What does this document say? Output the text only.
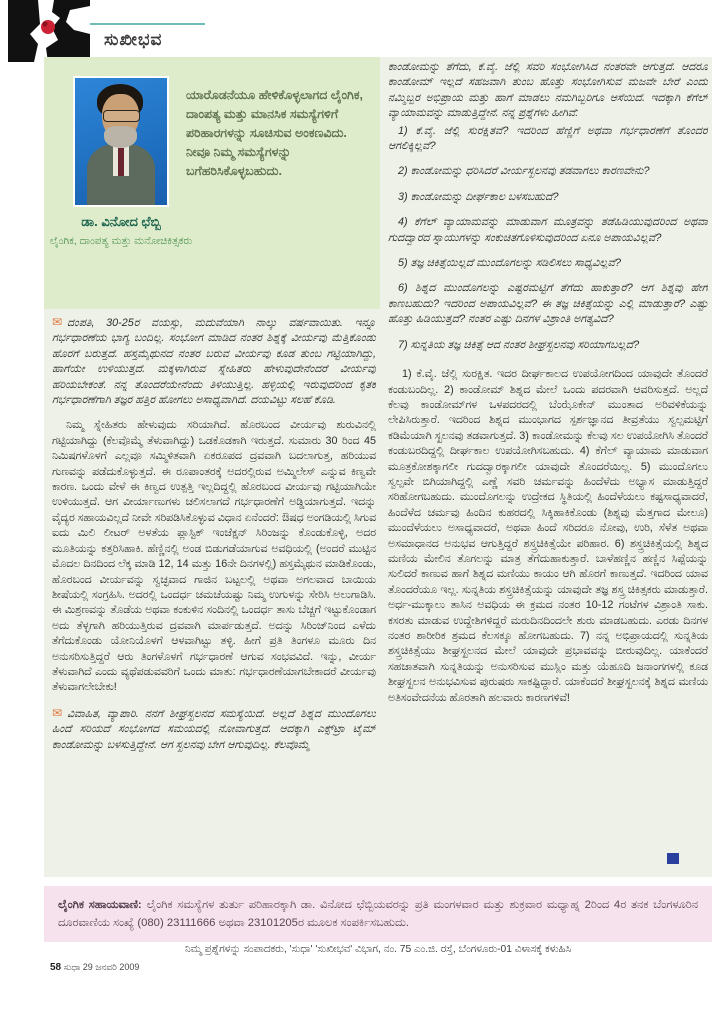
ಸುಖೀಭವ
ಡಾ. ವಿನೋದ ಛೆಬ್ಬಿ
ಲೈಂಗಿಕ, ದಾಂಪತ್ಯ ಮತ್ತು ಮನೋಚಿಕಿತ್ಸಕರು
ಯಾರೊಡನೆಯೂ ಹೇಳಿಕೊಳ್ಳಲಾಗದ ಲೈಂಗಿಕ, ದಾಂಪತ್ಯ ಮತ್ತು ಮಾನಸಿಕ ಸಮಸ್ಯೆಗಳಿಗೆ ಪರಿಹಾರಗಳನ್ನು ಸೂಚಿಸುವ ಅಂಕಣವಿದು. ನೀವೂ ನಿಮ್ಮ ಸಮಸ್ಯೆಗಳನ್ನು ಬಗೆಹರಿಸಿಕೊಳ್ಳಬಹುದು.

✉ ದಂಪತಿ, 30-25ರ ವಯಸ್ಸು, ಮದುವೆಯಾಗಿ ನಾಲ್ಕು ವರ್ಷವಾಯಿತು. ಇನ್ನೂ ಗರ್ಭಧಾರಣೆಯ ಭಾಗ್ಯ ಬಂದಿಲ್ಲ. ಸಂಭೋಗ ಮಾಡಿದ ನಂತರ ಶಿಶ್ನಕ್ಕೆ ವೀರ್ಯವು ಮೆತ್ತಿಕೊಂಡು ಹೊರಗೆ ಬರುತ್ತದೆ. ಹಸ್ತಮೈಥುನದ ನಂತರ ಬರುವ ವೀರ್ಯವು ಕೂಡ ತುಂಬ ಗಟ್ಟಿಯಾಗಿದ್ದು, ಹಾಗೆಯೇ ಉಳಿಯುತ್ತದೆ. ಮಕ್ಕಳಾಗಿರುವ ಸ್ನೇಹಿತರು ಹೇಳುವುದೇನೆಂದರೆ ವೀರ್ಯವು ಹರಿಯಬೇಕಂತೆ. ನನ್ನ ತೊಂದರೆಯೇನೆಂದು ತಿಳಿಯುತ್ತಿಲ್ಲ. ಹಳ್ಳಿಯಲ್ಲಿ ಇರುವುದರಿಂದ ಕೃತಕ ಗರ್ಭಧಾರಣೆಗಾಗಿ ತಜ್ಞರ ಹತ್ತಿರ ಹೋಗಲು ಅಸಾಧ್ಯವಾಗಿದೆ. ದಯವಿಟ್ಟು ಸಲಹೆ ಕೊಡಿ.

ನಿಮ್ಮ ಸ್ನೇಹಿತರು ಹೇಳುವುದು ಸರಿಯಾಗಿದೆ. ಹೊರಬಂದ ವೀರ್ಯವು ಶುರುವಿನಲ್ಲಿ ಗಟ್ಟಿಯಾಗಿದ್ದು (ಕೆಲವೊಮ್ಮೆ ತೆಳುವಾಗಿದ್ದು) ಒಡಕೊಡಕಾಗಿ ಇರುತ್ತದೆ. ಸುಮಾರು 30 ರಿಂದ 45 ನಿಮಿಷಗಳೊಳಗೆ ಎಲ್ಲವೂ ಸಮ್ಮಿಳಿತವಾಗಿ ಏಕರೂಪದ ದ್ರವವಾಗಿ ಬದಲಾಗುತ್ತ, ಹರಿಯುವ ಗುಣವನ್ನು ಪಡೆದುಕೊಳ್ಳುತ್ತದೆ. ಈ ರೂಪಾಂತರಕ್ಕೆ ಅದರಲ್ಲಿರುವ ಅಮ್ಮಿಲೇಸ್ ಎನ್ನುವ ಕಿಣ್ವವೇ ಕಾರಣ. ಒಂದು ವೇಳೆ ಈ ಕಿಣ್ವದ ಉತ್ಪತ್ತಿ ಇಲ್ಲದಿದ್ದಲ್ಲಿ ಹೊರಬಂದ ವೀರ್ಯವು ಗಟ್ಟಿಯಾಗಿಯೇ ಉಳಿಯುತ್ತದೆ. ಆಗ ವೀರ್ಯಾಣುಗಳು ಚಲಿಸಲಾಗದೆ ಗರ್ಭಧಾರಣೆಗೆ ಅಡ್ಡಿಯಾಗುತ್ತದೆ. ಇದನ್ನು ವೈದ್ಯರ ಸಹಾಯವಿಲ್ಲದೆ ನೀವೇ ಸರಿಪಡಿಸಿಕೊಳ್ಳುವ ವಿಧಾನ ಏನೆಂದರೆ: ಔಷಧ ಅಂಗಡಿಯಲ್ಲಿ ಸಿಗುವ ಐದು ಮಿಲಿ ಲೀಟರ್ ಅಳತೆಯ ಪ್ಲಾಸ್ಟಿಕ್ ಇಂಜೆಕ್ಷನ್ ಸಿರಿಂಜನ್ನು ಕೊಂಡುಕೊಳ್ಳಿ, ಅದರ ಮೂತಿಯನ್ನು ಕತ್ತರಿಸಿಹಾಕಿ. ಹೆಣ್ಣಿನಲ್ಲಿ ಅಂಡ ಬಿಡುಗಡೆಯಾಗುವ ಅವಧಿಯಲ್ಲಿ (ಅಂದರೆ ಮುಟ್ಟಿನ ಮೊದಲ ದಿನದಿಂದ ಲೆಕ್ಕ ಮಾಡಿ 12, 14 ಮತ್ತು 16ನೇ ದಿನಗಳಲ್ಲಿ) ಹಸ್ತಮೈಥುನ ಮಾಡಿಕೊಂಡು, ಹೊರಬಂದ ವೀರ್ಯವನ್ನು ಸ್ವಚ್ಛವಾದ ಗಾಜಿನ ಬಟ್ಟಲಲ್ಲಿ ಅಥವಾ ಅಗಲವಾದ ಬಾಯಿಯ ಶೀಷೆಯಲ್ಲಿ ಸಂಗ್ರಹಿಸಿ. ಅದರಲ್ಲಿ ಒಂದರ್ಧ ಚಮಚೆಯಷ್ಟು ನಿಮ್ಮ ಉಗುಳನ್ನು ಸೇರಿಸಿ ಅಲುಗಾಡಿಸಿ. ಈ ಮಿಶ್ರಣವನ್ನು ತೊಡೆಯ ಅಥವಾ ಕಂಕುಳಿನ ಸಂದಿನಲ್ಲಿ ಒಂದರ್ಧ ತಾಸು ಬೆಚ್ಚಗೆ ಇಟ್ಟುಕೊಂಡಾಗ ಅದು ತೆಳ್ಳಗಾಗಿ ಹರಿಯುತ್ತಿರುವ ದ್ರವವಾಗಿ ಮಾರ್ಪಡುತ್ತದೆ. ಅದನ್ನು ಸಿರಿಂಜ್‌ನಿಂದ ಎಳೆದು ತೆಗೆದುಕೊಂಡು ಯೋನಿಯೊಳಗೆ ಆಳವಾಗಿಟ್ಟು ತಳ್ಳಿ. ಹೀಗೆ ಪ್ರತಿ ತಿಂಗಳೂ ಮೂರು ದಿನ ಅನುಸರಿಸುತ್ತಿದ್ದರೆ ಆರು ತಿಂಗಳೊಳಗೆ ಗರ್ಭಧಾರಣೆ ಆಗುವ ಸಂಭವವಿದೆ. ಇನ್ನು, ವೀರ್ಯ ತೆಳುವಾಗಿದೆ ಎಂದು ವ್ಯಥೆಪಡುವವರಿಗೆ ಒಂದು ಮಾತು: ಗರ್ಭಧಾರಣೆಯಾಗಬೇಕಾದರೆ ವೀರ್ಯವು ತೆಳುವಾಗಲೇಬೇಕು!

✉ ವಿವಾಹಿತ, ವ್ಯಾಪಾರಿ. ನನಗೆ ಶೀಘ್ರಸ್ಖಲನದ ಸಮಸ್ಯೆಯಿದೆ. ಅಲ್ಲದೆ ಶಿಶ್ನದ ಮುಂದೊಗಲು ಹಿಂದೆ ಸರಿಯದೆ ಸಂಭೋಗದ ಸಮಯದಲ್ಲಿ ನೋವಾಗುತ್ತದೆ. ಆದಕ್ಕಾಗಿ ಎಕ್ಸ್‌ಟ್ರಾ ಟೈಮ್ ಕಾಂಡೋಮನ್ನು ಬಳಸುತ್ತಿದ್ದೇನೆ. ಆಗ ಸ್ಖಲನವು ಬೇಗ ಆಗುವುದಿಲ್ಲ. ಕೆಲವೊಮ್ಮೆ

ಕಾಂಡೋಮನ್ನು ತೆಗೆದು, ಕೆ.ವೈ. ಜೆಲ್ಲಿ ಸವರಿ ಸಂಭೋಗಿಸಿದ ನಂತರವೇ ಆಗುತ್ತದೆ. ಆದರೂ ಕಾಂಡೋಮ್ ಇಲ್ಲದೆ ಸಹಜವಾಗಿ ತುಂಬ ಹೊತ್ತು ಸಂಭೋಗಿಸುವ ಮಜವೇ ಬೇರೆ ಎಂದು ನಮ್ಮಿಬ್ಬರ ಅಭಿಪ್ರಾಯ ಮತ್ತು ಹಾಗೆ ಮಾಡಲು ನಮಗಿಬ್ಬರಿಗೂ ಆಸೆಯಿದೆ. ಇದಕ್ಕಾಗಿ ಕೆಗೆಲ್ ವ್ಯಾಯಾಮವನ್ನು ಮಾಡುತ್ತಿದ್ದೇನೆ. ನನ್ನ ಪ್ರಶ್ನೆಗಳು ಹೀಗಿವೆ:

1) ಕೆ.ವೈ. ಜೆಲ್ಲಿ ಸುರಕ್ಷಿತವೆ? ಇದರಿಂದ ಹೆಣ್ಣಿಗೆ ಅಥವಾ ಗರ್ಭಧಾರಣೆಗೆ ತೊಂದರೆ ಆಗಲಿಕ್ಕಿಲ್ಲವೆ?

2) ಕಾಂಡೋಮನ್ನು ಧರಿಸಿದರೆ ವೀರ್ಯಸ್ಖಲನವು ತಡವಾಗಲು ಕಾರಣವೇನು?

3) ಕಾಂಡೋಮನ್ನು ದೀರ್ಘಕಾಲ ಬಳಸಬಹುದೆ?

4) ಕೆಗೆಲ್ ವ್ಯಾಯಾಮವನ್ನು ಮಾಡುವಾಗ ಮೂತ್ರವನ್ನು ತಡೆಹಿಡಿಯುವುದರಿಂದ ಅಥವಾ ಗುದದ್ವಾರದ ಸ್ನಾಯುಗಳನ್ನು ಸಂಕುಚಿತಗೊಳಿಸುವುದರಿಂದ ಏನೂ ಅಪಾಯವಿಲ್ಲವೆ?

5) ತಜ್ಞ ಚಿಕಿತ್ಸೆಯಿಲ್ಲದೆ ಮುಂದೊಗಲನ್ನು ಸಡಿಲಿಸಲು ಸಾಧ್ಯವಿಲ್ಲವೆ?

6) ಶಿಶ್ನದ ಮುಂದೊಗಲನ್ನು ಎಷ್ಟರಮಟ್ಟಿಗೆ ತೆಗೆದು ಹಾಕುತ್ತಾರೆ? ಆಗ ಶಿಶ್ನವು ಹೇಗೆ ಕಾಣಬಹುದು? ಇದರಿಂದ ಅಪಾಯವಿಲ್ಲವೆ? ಈ ತಜ್ಞ ಚಿಕಿತ್ಸೆಯನ್ನು ಎಲ್ಲಿ ಮಾಡುತ್ತಾರೆ? ಎಷ್ಟು ಹೊತ್ತು ಹಿಡಿಯುತ್ತದೆ? ನಂತರ ಎಷ್ಟು ದಿನಗಳ ವಿಶ್ರಾಂತಿ ಅಗತ್ಯವಿದೆ?

7) ಸುನ್ನತಿಯ ತಜ್ಞ ಚಿಕಿತ್ಸೆ ಆದ ನಂತರ ಶೀಘ್ರಸ್ಖಲನವು ಸರಿಯಾಗಬಲ್ಲದೆ?

1) ಕೆ.ವೈ. ಜೆಲ್ಲಿ ಸುರಕ್ಷಿತ. ಇದರ ದೀರ್ಘಕಾಲದ ಉಪಯೋಗದಿಂದ ಯಾವುದೇ ತೊಂದರೆ ಕಂಡುಬಂದಿಲ್ಲ. 2) ಕಾಂಡೋಮ್ ಶಿಶ್ನದ ಮೇಲೆ ಒಂದು ಪದರವಾಗಿ ಆವರಿಸುತ್ತದೆ. ಅಲ್ಲದೆ ಕೆಲವು ಕಾಂಡೋಮ್‌ಗಳ ಒಳಪದರದಲ್ಲಿ ಬೆಂಝೊಕೇನ್ ಮುಂತಾದ ಅರಿವಳಿಕೆಯನ್ನು ಲೇಪಿಸಿರುತ್ತಾರೆ. ಇದರಿಂದ ಶಿಶ್ನದ ಮುಂಭಾಗದ ಸ್ಪರ್ಶಜ್ಞಾನದ ತೀವ್ರತೆಯು ಸ್ವಲ್ಪಮಟ್ಟಿಗೆ ಕಡಿಮೆಯಾಗಿ ಸ್ಖಲನವು ತಡವಾಗುತ್ತದೆ. 3) ಕಾಂಡೋಮನ್ನು ಕೆಲವು ಸಲ ಉಪಯೋಗಿಸಿ ತೊಂದರೆ ಕಂಡುಬರದಿದ್ದಲ್ಲಿ ದೀರ್ಘಕಾಲ ಉಪಯೋಗಿಸಬಹುದು. 4) ಕೆಗೆಲ್ ವ್ಯಾಯಾಮ ಮಾಡುವಾಗ ಮೂತ್ರಕೋಶಕ್ಕಾಗಲೀ ಗುದದ್ವಾರಕ್ಕಾಗಲೀ ಯಾವುದೇ ತೊಂದರೆಯಿಲ್ಲ. 5) ಮುಂದೊಗಲು ಸ್ವಲ್ಪವೇ ಬಿಗಿಯಾಗಿದ್ದಲ್ಲಿ ಎಣ್ಣೆ ಸವರಿ ಚರ್ಮವನ್ನು ಹಿಂದೆಳೆದು ಅಭ್ಯಾಸ ಮಾಡುತ್ತಿದ್ದರೆ ಸರಿಹೋಗಬಹುದು. ಮುಂದೊಗಲನ್ನು ಉದ್ರೇಕದ ಸ್ಥಿತಿಯಲ್ಲಿ ಹಿಂದೆಳೆಯಲು ಕಷ್ಟಸಾಧ್ಯವಾದರೆ, ಹಿಂದೆಳೆದ ಚರ್ಮವು ಹಿಂದಿನ ಕುಹರದಲ್ಲಿ ಸಿಕ್ಕಿಹಾಕಿಕೊಂಡು (ಶಿಶ್ನವು ಮೆತ್ತಗಾದ ಮೇಲೂ) ಮುಂದೆಳೆಯಲು ಅಸಾಧ್ಯವಾದರೆ, ಅಥವಾ ಹಿಂದೆ ಸರಿದರೂ ನೋವು, ಉರಿ, ಸೆಳೆತ ಅಥವಾ ಅಸಮಾಧಾನದ ಅನುಭವ ಆಗುತ್ತಿದ್ದರೆ ಶಸ್ತ್ರಚಿಕಿತ್ಸೆಯೇ ಪರಿಹಾರ. 6) ಶಸ್ತ್ರಚಿಕಿತ್ಸೆಯಲ್ಲಿ ಶಿಶ್ನದ ಮಣಿಯ ಮೇಲಿನ ತೊಗಲನ್ನು ಮಾತ್ರ ತೆಗೆದುಹಾಕುತ್ತಾರೆ. ಬಾಳೆಹಣ್ಣಿನ ಹಣ್ಣಿನ ಸಿಪ್ಪೆಯನ್ನು ಸುಲಿದರೆ ಕಾಣುವ ಹಾಗೆ ಶಿಶ್ನದ ಮಣಿಯು ಕಾಯಂ ಆಗಿ ಹೊರಗೆ ಕಾಣುತ್ತದೆ. ಇದರಿಂದ ಯಾವ ತೊಂದರೆಯೂ ಇಲ್ಲ. ಸುನ್ನತಿಯ ಶಸ್ತ್ರಚಿಕಿತ್ಸೆಯನ್ನು ಯಾವುದೇ ತಜ್ಞ ಶಸ್ತ್ರ ಚಿಕಿತ್ಸಕರು ಮಾಡುತ್ತಾರೆ. ಅರ್ಧ-ಮುಕ್ಕಾಲು ತಾಸಿನ ಅವಧಿಯ ಈ ಕ್ರಮದ ನಂತರ 10-12 ಗಂಟೆಗಳ ವಿಶ್ರಾಂತಿ ಸಾಕು. ಕಸರತು ಮಾಡುವ ಉದ್ದೇಶಿಗಳಿದ್ದರೆ ಮರುದಿನದಿಂದಲೇ ಶುರು ಮಾಡಬಹುದು. ಎರಡು ದಿನಗಳ ನಂತರ ಶಾರೀರಿಕ ಶ್ರಮದ ಕೆಲಸಕ್ಕೂ ಹೋಗಬಹುದು. 7) ನನ್ನ ಅಭಿಪ್ರಾಯದಲ್ಲಿ ಸುನ್ನತಿಯ ಶಸ್ತ್ರಚಿಕಿತ್ಸೆಯು ಶೀಘ್ರಸ್ಖಲನದ ಮೇಲೆ ಯಾವುದೇ ಪ್ರಭಾವವನ್ನು ಬೀರುವುದಿಲ್ಲ. ಯಾಕೆಂದರೆ ಸಹಜಾತವಾಗಿ ಸುನ್ನತಿಯನ್ನು ಅನುಸರಿಸುವ ಮುಸ್ಲಿಂ ಮತ್ತು ಯೆಹೂದಿ ಜನಾಂಗಗಳಲ್ಲಿ ಕೂಡ ಶೀಘ್ರಸ್ಖಲನ ಅನುಭವಿಸುವ ಪುರುಷರು ಸಾಕಷ್ಟಿದ್ದಾರೆ. ಯಾಕೆಂದರೆ ಶೀಘ್ರಸ್ಖಲನಕ್ಕೆ ಶಿಶ್ನದ ಮಣಿಯ ಅತಿಸಂವೇದನೆಯ ಹೊರತಾಗಿ ಹಲವಾರು ಕಾರಣಗಳಿವೆ!

ಲೈಂಗಿಕ ಸಹಾಯವಾಣಿ: ಲೈಂಗಿಕ ಸಮಸ್ಯೆಗಳ ತುರ್ತು ಪರಿಹಾರಕ್ಕಾಗಿ ಡಾ. ವಿನೋದ ಛೆಬ್ಬಿಯವರನ್ನು ಪ್ರತಿ ಮಂಗಳವಾರ ಮತ್ತು ಶುಕ್ರವಾರ ಮಧ್ಯಾಹ್ನ 2ರಿಂದ 4ರ ತನಕ ಬೆಂಗಳೂರಿನ ದೂರವಾಣಿಯ ಸಂಖ್ಯೆ (080) 23111666 ಅಥವಾ 23101205ರ ಮೂಲಕ ಸಂಪರ್ಕಿಸಬಹುದು.

ನಿಮ್ಮ ಪ್ರಶ್ನೆಗಳನ್ನು ಸಂಪಾದಕರು, 'ಸುಧಾ' 'ಸುಖೀಭವ' ವಿಭಾಗ, ನಂ. 75 ಎಂ.ಜಿ. ರಸ್ತೆ, ಬೆಂಗಳೂರು-01 ವಿಳಾಸಕ್ಕೆ ಕಳುಹಿಸಿ
58 ಸುಧಾ 29 ಜನವರಿ 2009
